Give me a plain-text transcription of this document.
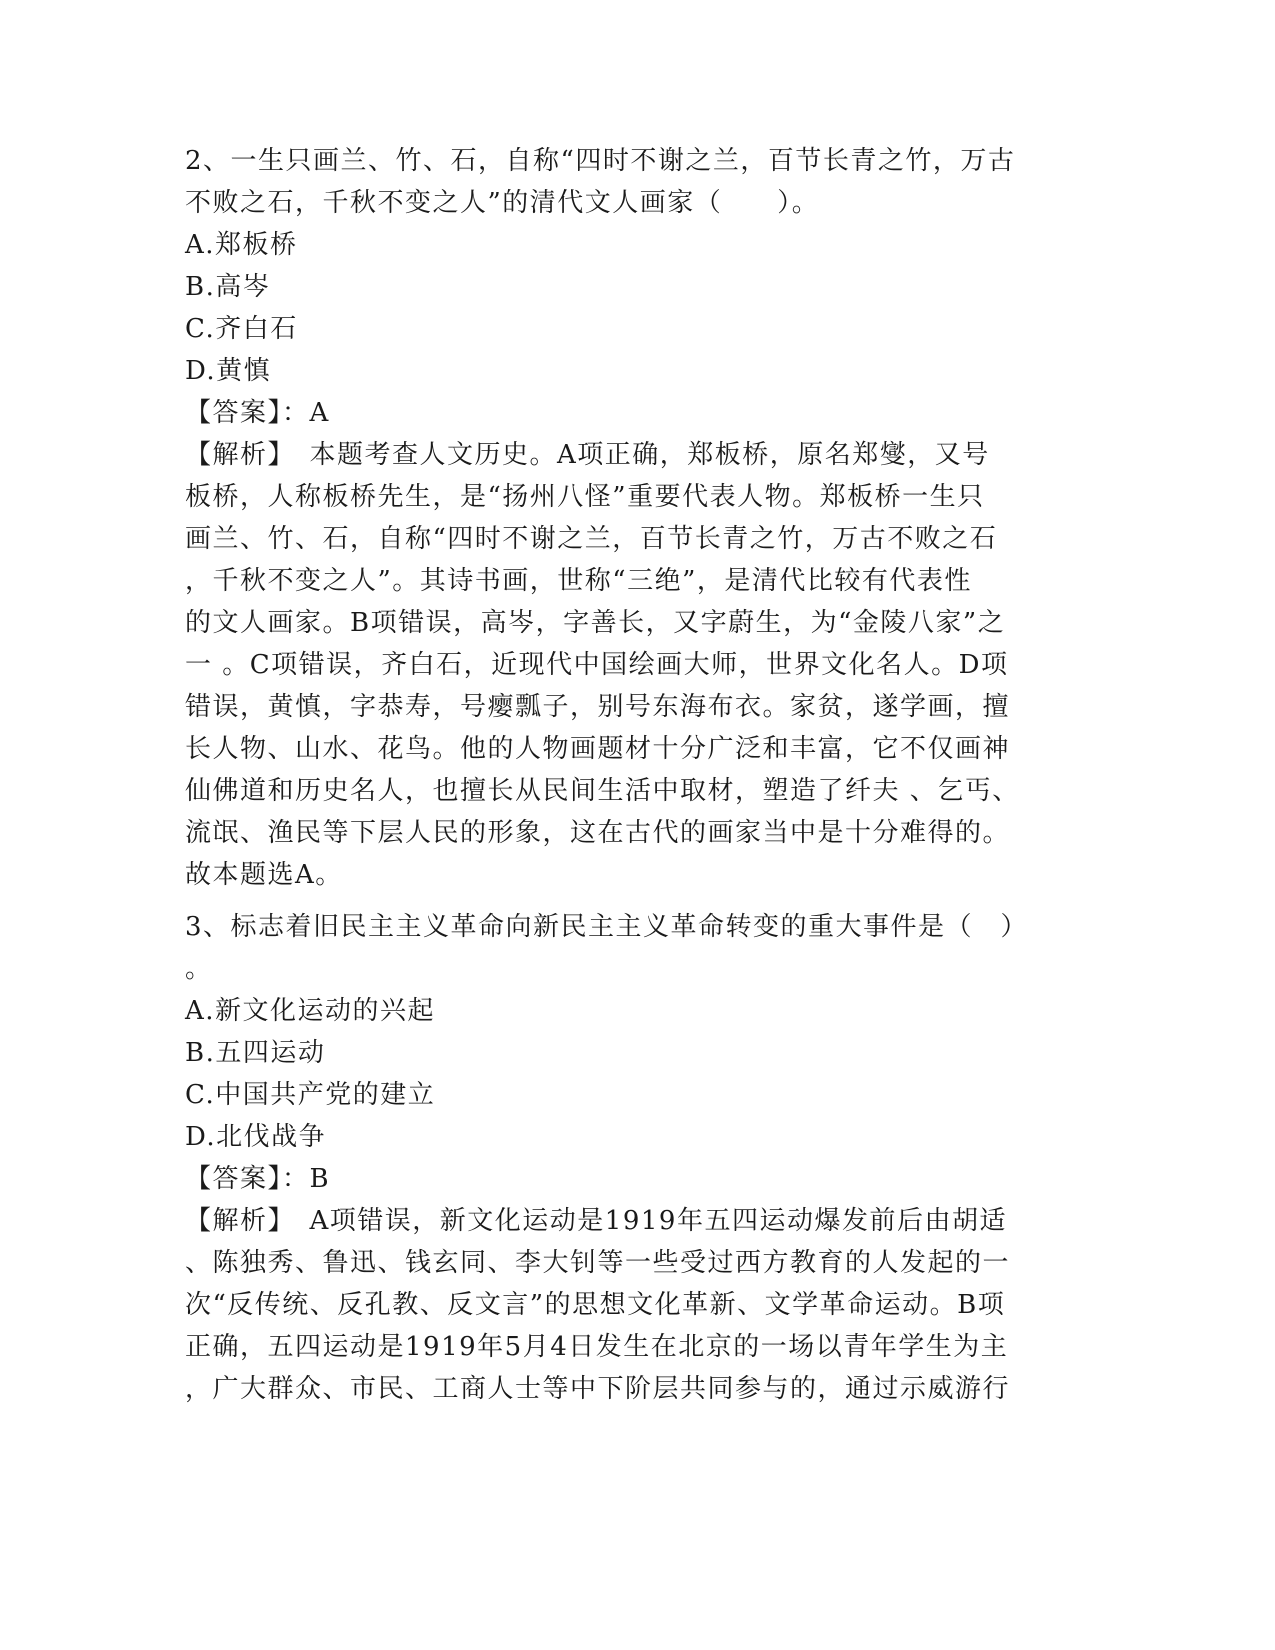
2、一生只画兰、竹、石，自称“四时不谢之兰，百节长青之竹，万古
不败之石，千秋不变之人”的清代文人画家（　　）。
A.郑板桥
B.高岑
C.齐白石
D.黄慎
【答案】：A
【解析】　本题考查人文历史。A项正确，郑板桥，原名郑燮，又号
板桥，人称板桥先生，是“扬州八怪”重要代表人物。郑板桥一生只
画兰、竹、石，自称“四时不谢之兰，百节长青之竹，万古不败之石
，千秋不变之人”。其诗书画，世称“三绝”，是清代比较有代表性
的文人画家。B项错误，高岑，字善长，又字蔚生，为“金陵八家”之
一 。C项错误，齐白石，近现代中国绘画大师，世界文化名人。D项
错误，黄慎，字恭寿，号瘿瓢子，别号东海布衣。家贫，遂学画，擅
长人物、山水、花鸟。他的人物画题材十分广泛和丰富，它不仅画神
仙佛道和历史名人，也擅长从民间生活中取材，塑造了纤夫 、乞丐、
流氓、渔民等下层人民的形象，这在古代的画家当中是十分难得的。
故本题选A。
3、标志着旧民主主义革命向新民主主义革命转变的重大事件是（　）
。
A.新文化运动的兴起
B.五四运动
C.中国共产党的建立
D.北伐战争
【答案】：B
【解析】　A项错误，新文化运动是1919年五四运动爆发前后由胡适
、陈独秀、鲁迅、钱玄同、李大钊等一些受过西方教育的人发起的一
次“反传统、反孔教、反文言”的思想文化革新、文学革命运动。B项
正确，五四运动是1919年5月4日发生在北京的一场以青年学生为主
，广大群众、市民、工商人士等中下阶层共同参与的，通过示威游行
